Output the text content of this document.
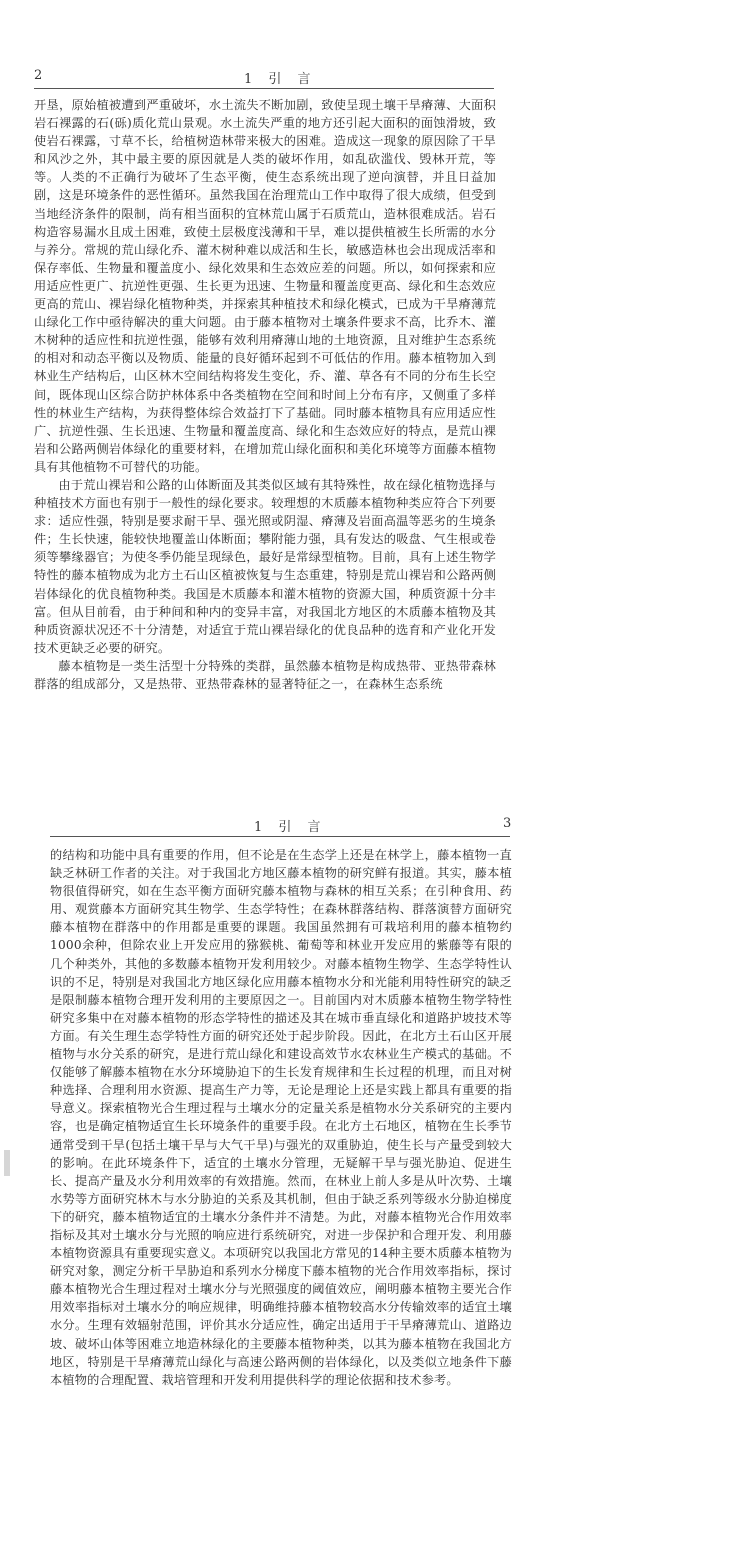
2	1 引 言

开垦，原始植被遭到严重破坏，水土流失不断加剧，致使呈现土壤干旱瘠薄、大面积岩石裸露的石(砾)质化荒山景观。水土流失严重的地方还引起大面积的面蚀滑坡，致使岩石裸露，寸草不长，给植树造林带来极大的困难。造成这一现象的原因除了干旱和风沙之外，其中最主要的原因就是人类的破坏作用，如乱砍滥伐、毁林开荒，等等。人类的不正确行为破坏了生态平衡，使生态系统出现了逆向演替，并且日益加剧，这是环境条件的恶性循环。虽然我国在治理荒山工作中取得了很大成绩，但受到当地经济条件的限制，尚有相当面积的宜林荒山属于石质荒山，造林很难成活。岩石构造容易漏水且成土困难，致使土层极度浅薄和干旱，难以提供植被生长所需的水分与养分。常规的荒山绿化乔、灌木树种难以成活和生长，敏感造林也会出现成活率和保存率低、生物量和覆盖度小、绿化效果和生态效应差的问题。所以，如何探索和应用适应性更广、抗逆性更强、生长更为迅速、生物量和覆盖度更高、绿化和生态效应更高的荒山、裸岩绿化植物种类，并探索其种植技术和绿化模式，已成为干旱瘠薄荒山绿化工作中亟待解决的重大问题。由于藤本植物对土壤条件要求不高，比乔木、灌木树种的适应性和抗逆性强，能够有效利用瘠薄山地的土地资源，且对维护生态系统的相对和动态平衡以及物质、能量的良好循环起到不可低估的作用。藤本植物加入到林业生产结构后，山区林木空间结构将发生变化，乔、灌、草各有不同的分布生长空间，既体现山区综合防护林体系中各类植物在空间和时间上分布有序，又侧重了多样性的林业生产结构，为获得整体综合效益打下了基础。同时藤本植物具有应用适应性广、抗逆性强、生长迅速、生物量和覆盖度高、绿化和生态效应好的特点，是荒山裸岩和公路两侧岩体绿化的重要材料，在增加荒山绿化面积和美化环境等方面藤本植物具有其他植物不可替代的功能。

由于荒山裸岩和公路的山体断面及其类似区域有其特殊性，故在绿化植物选择与种植技术方面也有别于一般性的绿化要求。较理想的木质藤本植物种类应符合下列要求：适应性强，特别是要求耐干旱、强光照或阴湿、瘠薄及岩面高温等恶劣的生境条件；生长快速，能较快地覆盖山体断面；攀附能力强，具有发达的吸盘、气生根或卷须等攀缘器官；为使冬季仍能呈现绿色，最好是常绿型植物。目前，具有上述生物学特性的藤本植物成为北方土石山区植被恢复与生态重建，特别是荒山裸岩和公路两侧岩体绿化的优良植物种类。我国是木质藤本和灌木植物的资源大国，种质资源十分丰富。但从目前看，由于种间和种内的变异丰富，对我国北方地区的木质藤本植物及其种质资源状况还不十分清楚，对适宜于荒山裸岩绿化的优良品种的选育和产业化开发技术更缺乏必要的研究。

藤本植物是一类生活型十分特殊的类群，虽然藤本植物是构成热带、亚热带森林群落的组成部分，又是热带、亚热带森林的显著特征之一，在森林生态系统

1 引 言	3

的结构和功能中具有重要的作用，但不论是在生态学上还是在林学上，藤本植物一直缺乏林研工作者的关注。对于我国北方地区藤本植物的研究鲜有报道。其实，藤本植物很值得研究，如在生态平衡方面研究藤本植物与森林的相互关系；在引种食用、药用、观赏藤本方面研究其生物学、生态学特性；在森林群落结构、群落演替方面研究藤本植物在群落中的作用都是重要的课题。我国虽然拥有可栽培利用的藤本植物约1000余种，但除农业上开发应用的猕猴桃、葡萄等和林业开发应用的紫藤等有限的几个种类外，其他的多数藤本植物开发利用较少。对藤本植物生物学、生态学特性认识的不足，特别是对我国北方地区绿化应用藤本植物水分和光能利用特性研究的缺乏是限制藤本植物合理开发利用的主要原因之一。目前国内对木质藤本植物生物学特性研究多集中在对藤本植物的形态学特性的描述及其在城市垂直绿化和道路护坡技术等方面。有关生理生态学特性方面的研究还处于起步阶段。因此，在北方土石山区开展植物与水分关系的研究，是进行荒山绿化和建设高效节水农林业生产模式的基础。不仅能够了解藤本植物在水分环境胁迫下的生长发育规律和生长过程的机理，而且对树种选择、合理利用水资源、提高生产力等，无论是理论上还是实践上都具有重要的指导意义。探索植物光合生理过程与土壤水分的定量关系是植物水分关系研究的主要内容，也是确定植物适宜生长环境条件的重要手段。在北方土石地区，植物在生长季节通常受到干旱(包括土壤干旱与大气干旱)与强光的双重胁迫，使生长与产量受到较大的影响。在此环境条件下，适宜的土壤水分管理，无疑解干旱与强光胁迫、促进生长、提高产量及水分利用效率的有效措施。然而，在林业上前人多是从叶次势、土壤水势等方面研究林木与水分胁迫的关系及其机制，但由于缺乏系列等级水分胁迫梯度下的研究，藤本植物适宜的土壤水分条件并不清楚。为此，对藤本植物光合作用效率指标及其对土壤水分与光照的响应进行系统研究，对进一步保护和合理开发、利用藤本植物资源具有重要现实意义。本项研究以我国北方常见的14种主要木质藤本植物为研究对象，测定分析干旱胁迫和系列水分梯度下藤本植物的光合作用效率指标，探讨藤本植物光合生理过程对土壤水分与光照强度的阈值效应，阐明藤本植物主要光合作用效率指标对土壤水分的响应规律，明确维持藤本植物较高水分传输效率的适宜土壤水分。生理有效辐射范围，评价其水分适应性，确定出适用于干旱瘠薄荒山、道路边坡、破坏山体等困难立地造林绿化的主要藤本植物种类，以其为藤本植物在我国北方地区，特别是干旱瘠薄荒山绿化与高速公路两侧的岩体绿化，以及类似立地条件下藤本植物的合理配置、栽培管理和开发利用提供科学的理论依据和技术参考。
